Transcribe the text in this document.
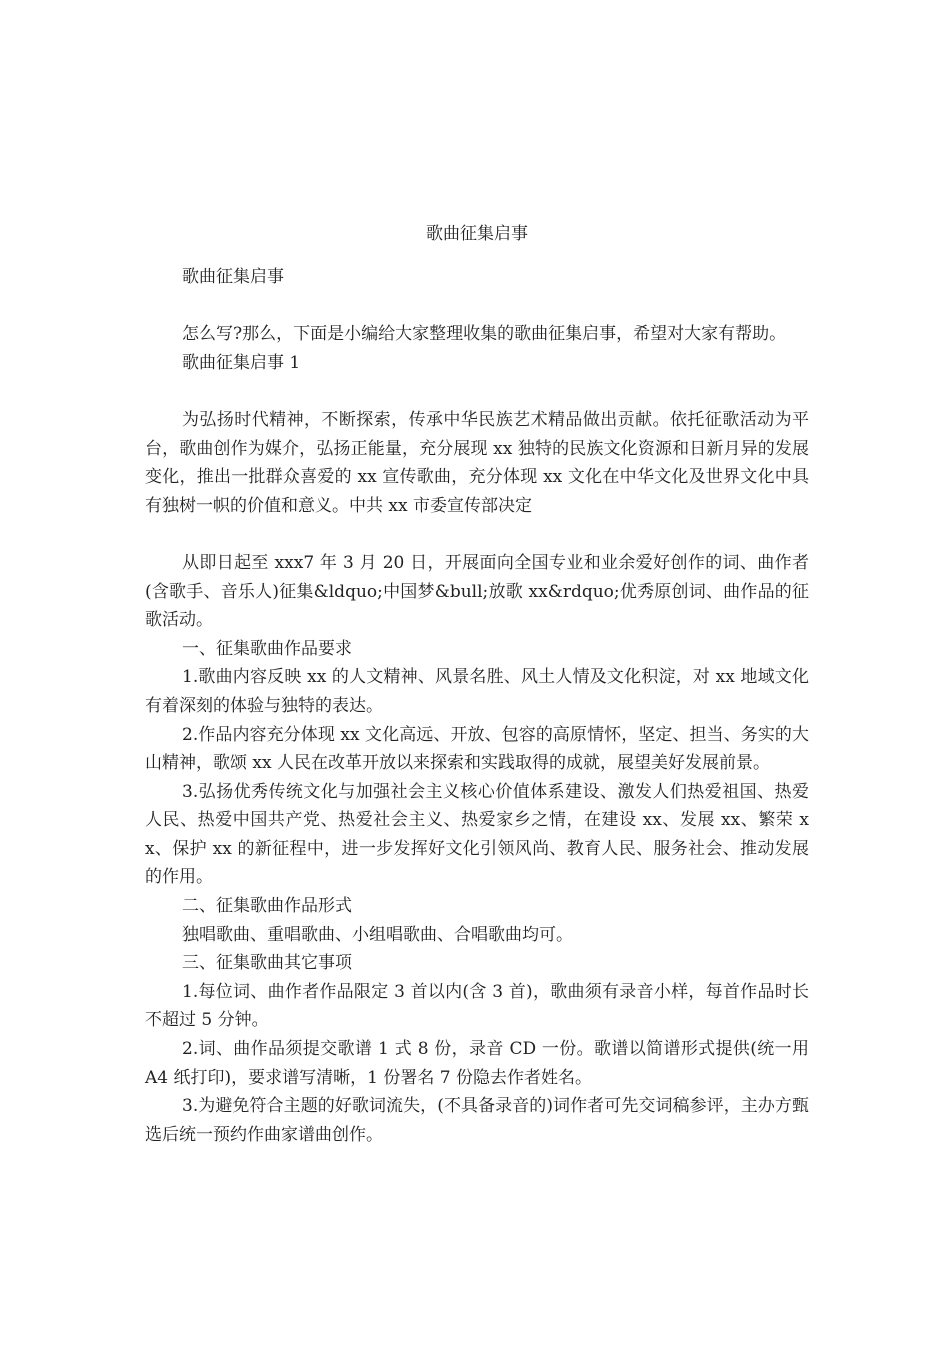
歌曲征集启事

歌曲征集启事

怎么写?那么，下面是小编给大家整理收集的歌曲征集启事，希望对大家有帮助。

歌曲征集启事 1

为弘扬时代精神，不断探索，传承中华民族艺术精品做出贡献。依托征歌活动为平台，歌曲创作为媒介，弘扬正能量，充分展现 xx 独特的民族文化资源和日新月异的发展变化，推出一批群众喜爱的 xx 宣传歌曲，充分体现 xx 文化在中华文化及世界文化中具有独树一帜的价值和意义。中共 xx 市委宣传部决定

从即日起至 xxx7 年 3 月 20 日，开展面向全国专业和业余爱好创作的词、曲作者(含歌手、音乐人)征集&ldquo;中国梦&bull;放歌 xx&rdquo;优秀原创词、曲作品的征歌活动。

一、征集歌曲作品要求

1.歌曲内容反映 xx 的人文精神、风景名胜、风土人情及文化积淀，对 xx 地域文化有着深刻的体验与独特的表达。

2.作品内容充分体现 xx 文化高远、开放、包容的高原情怀，坚定、担当、务实的大山精神，歌颂 xx 人民在改革开放以来探索和实践取得的成就，展望美好发展前景。

3.弘扬优秀传统文化与加强社会主义核心价值体系建设、激发人们热爱祖国、热爱人民、热爱中国共产党、热爱社会主义、热爱家乡之情，在建设 xx、发展 xx、繁荣 xx、保护 xx 的新征程中，进一步发挥好文化引领风尚、教育人民、服务社会、推动发展的作用。

二、征集歌曲作品形式

独唱歌曲、重唱歌曲、小组唱歌曲、合唱歌曲均可。

三、征集歌曲其它事项

1.每位词、曲作者作品限定 3 首以内(含 3 首)，歌曲须有录音小样，每首作品时长不超过 5 分钟。

2.词、曲作品须提交歌谱 1 式 8 份，录音 CD 一份。歌谱以简谱形式提供(统一用 A4 纸打印)，要求谱写清晰，1 份署名 7 份隐去作者姓名。

3.为避免符合主题的好歌词流失，(不具备录音的)词作者可先交词稿参评，主办方甄选后统一预约作曲家谱曲创作。
